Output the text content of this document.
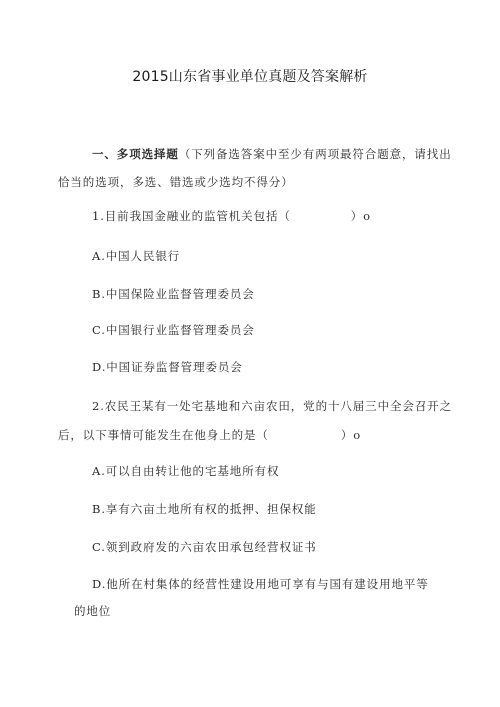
2015山东省事业单位真题及答案解析
一、多项选择题（下列备选答案中至少有两项最符合题意，请找出
恰当的选项，多选、错选或少选均不得分）
1.目前我国金融业的监管机关包括（	）o
A.中国人民银行
B.中国保险业监督管理委员会
C.中国银行业监督管理委员会
D.中国证券监督管理委员会
2.农民王某有一处宅基地和六亩农田，党的十八届三中全会召开之
后，以下事情可能发生在他身上的是（	）o
A.可以自由转让他的宅基地所有权
B.享有六亩土地所有权的抵押、担保权能
C.领到政府发的六亩农田承包经营权证书
D.他所在村集体的经营性建设用地可享有与国有建设用地平等
的地位
